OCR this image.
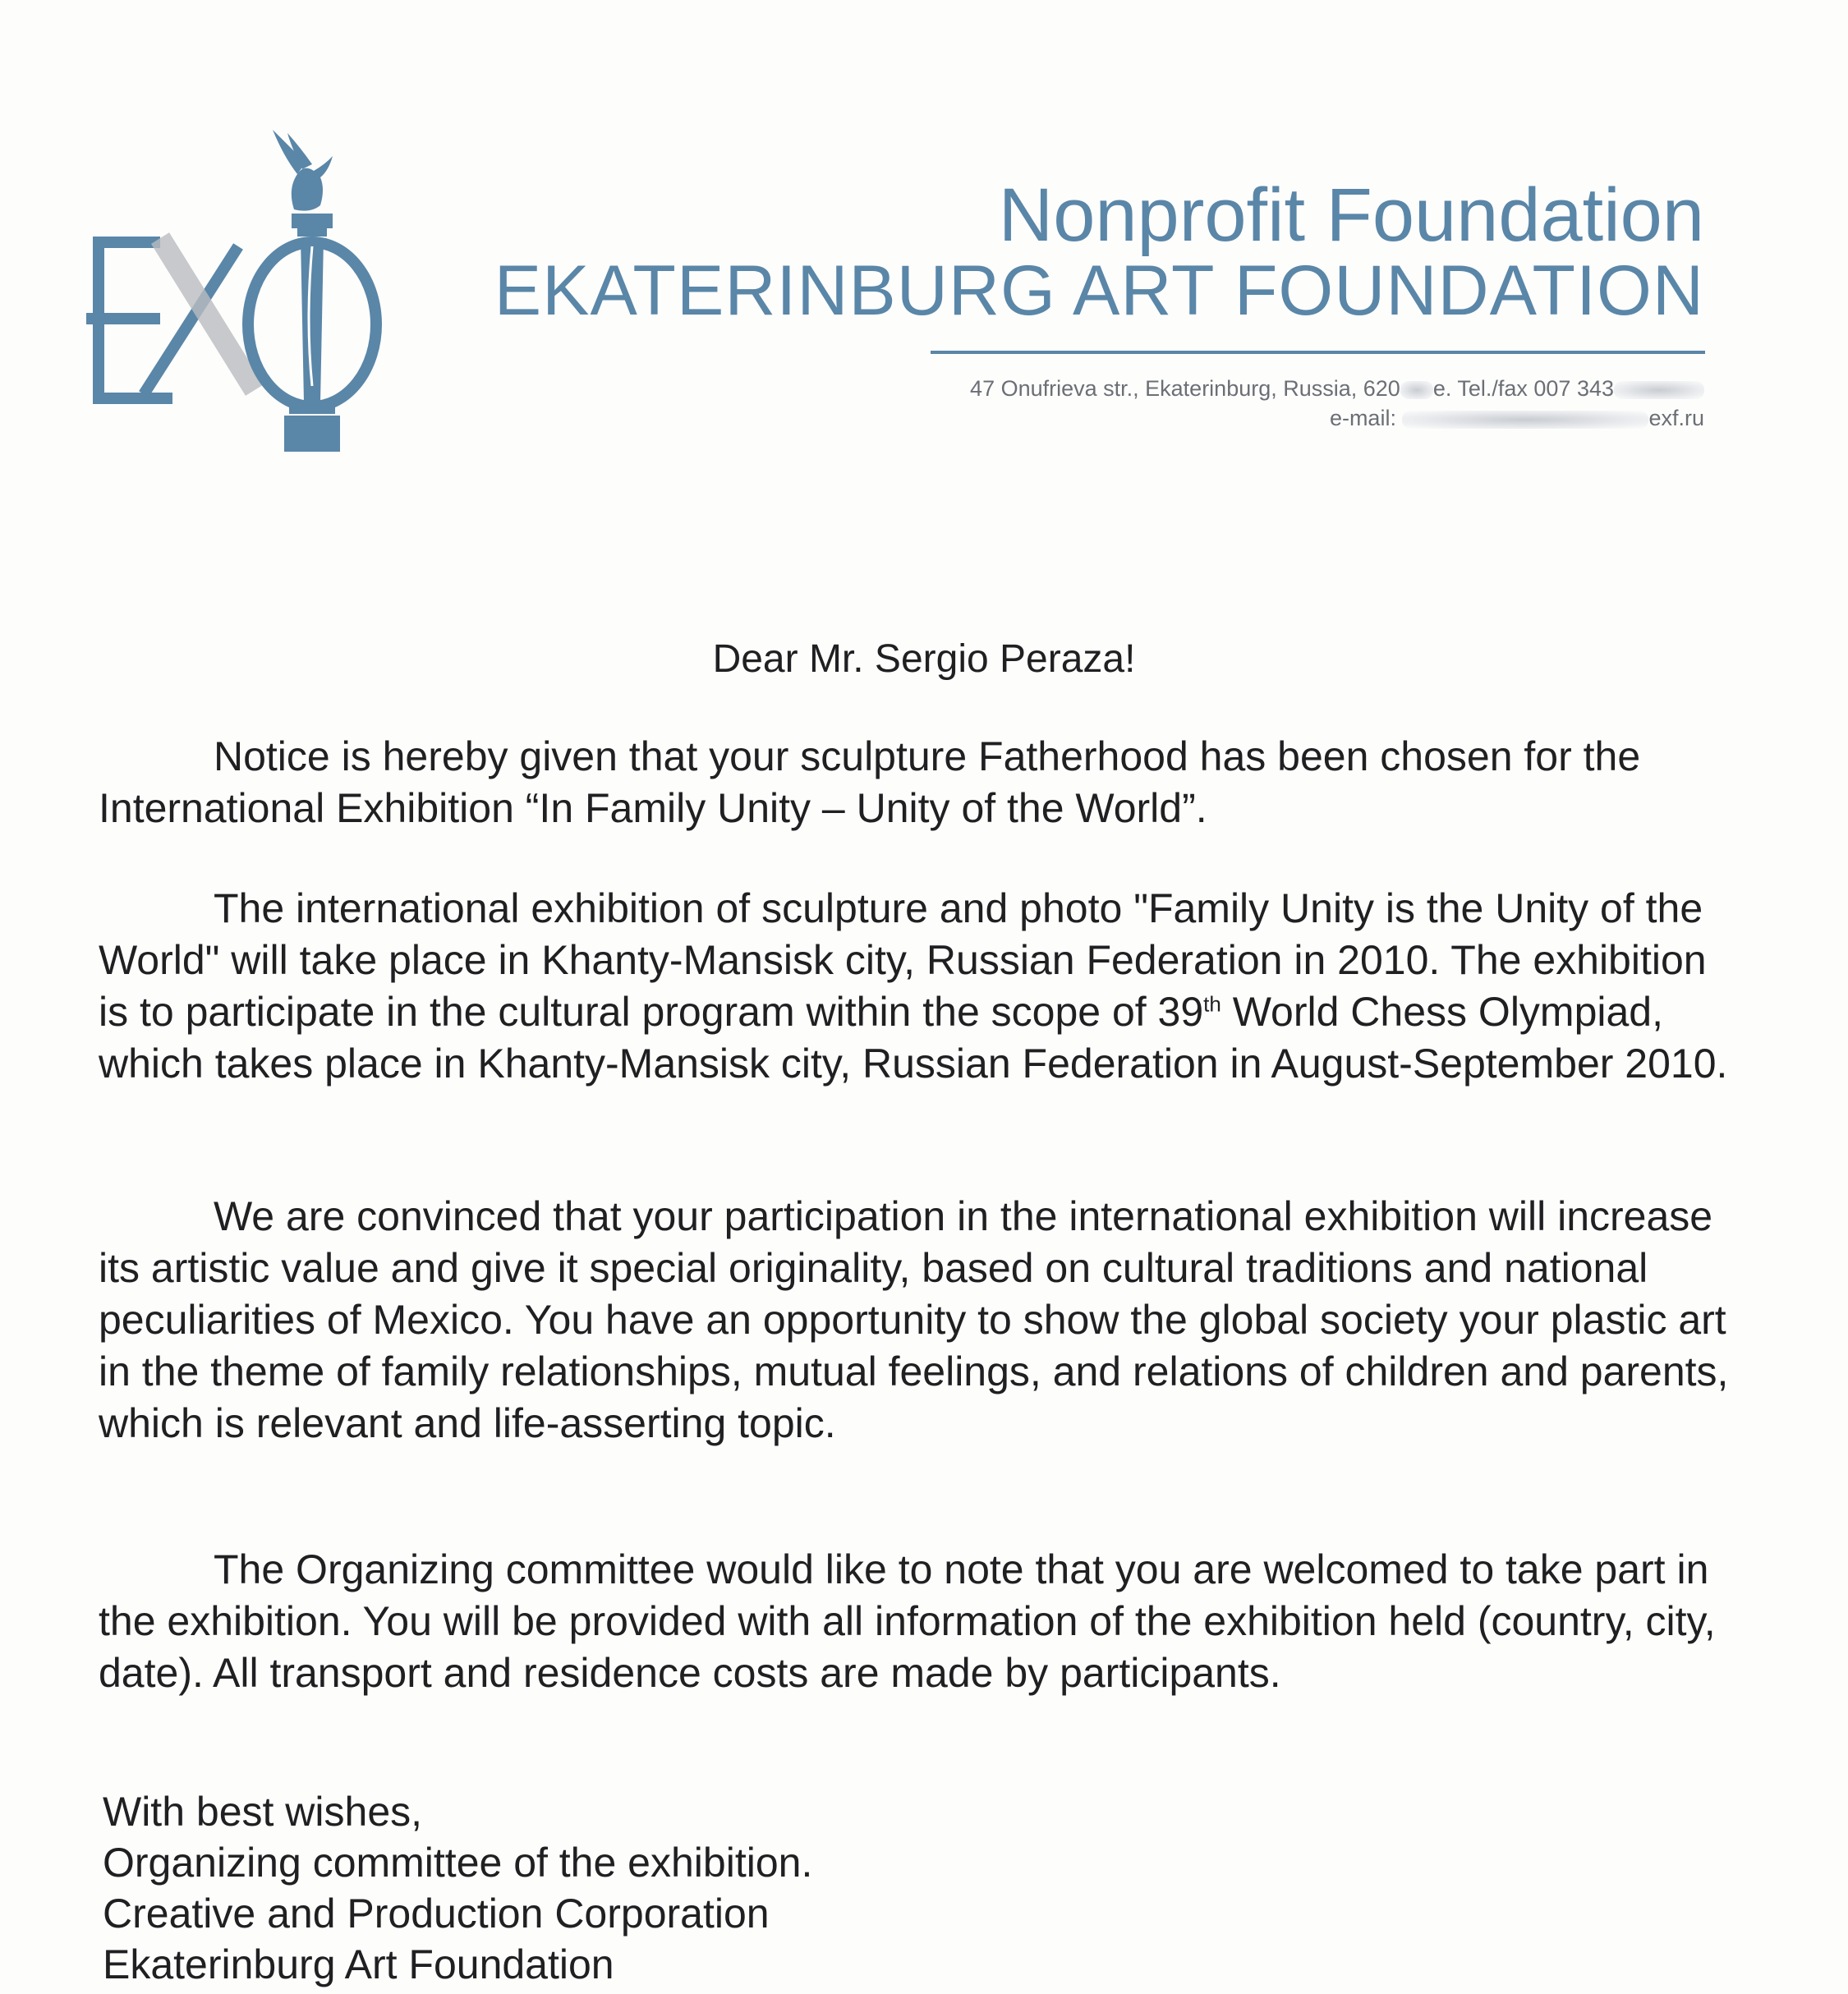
Nonprofit Foundation
EKATERINBURG ART FOUNDATION
47 Onufrieva str., Ekaterinburg, Russia, 620 e. Tel./fax 007 343
e-mail:	exf.ru
Dear Mr. Sergio Peraza!

Notice is hereby given that your sculpture Fatherhood has been chosen for the International Exhibition “In Family Unity – Unity of the World”.

The international exhibition of sculpture and photo "Family Unity is the Unity of the World" will take place in Khanty-Mansisk city, Russian Federation in 2010. The exhibition is to participate in the cultural program within the scope of 39th World Chess Olympiad, which takes place in Khanty-Mansisk city, Russian Federation in August-September 2010.

We are convinced that your participation in the international exhibition will increase its artistic value and give it special originality, based on cultural traditions and national peculiarities of Mexico. You have an opportunity to show the global society your plastic art in the theme of family relationships, mutual feelings, and relations of children and parents, which is relevant and life-asserting topic.

The Organizing committee would like to note that you are welcomed to take part in the exhibition. You will be provided with all information of the exhibition held (country, city, date). All transport and residence costs are made by participants.

With best wishes,
Organizing committee of the exhibition.
Creative and Production Corporation
Ekaterinburg Art Foundation
